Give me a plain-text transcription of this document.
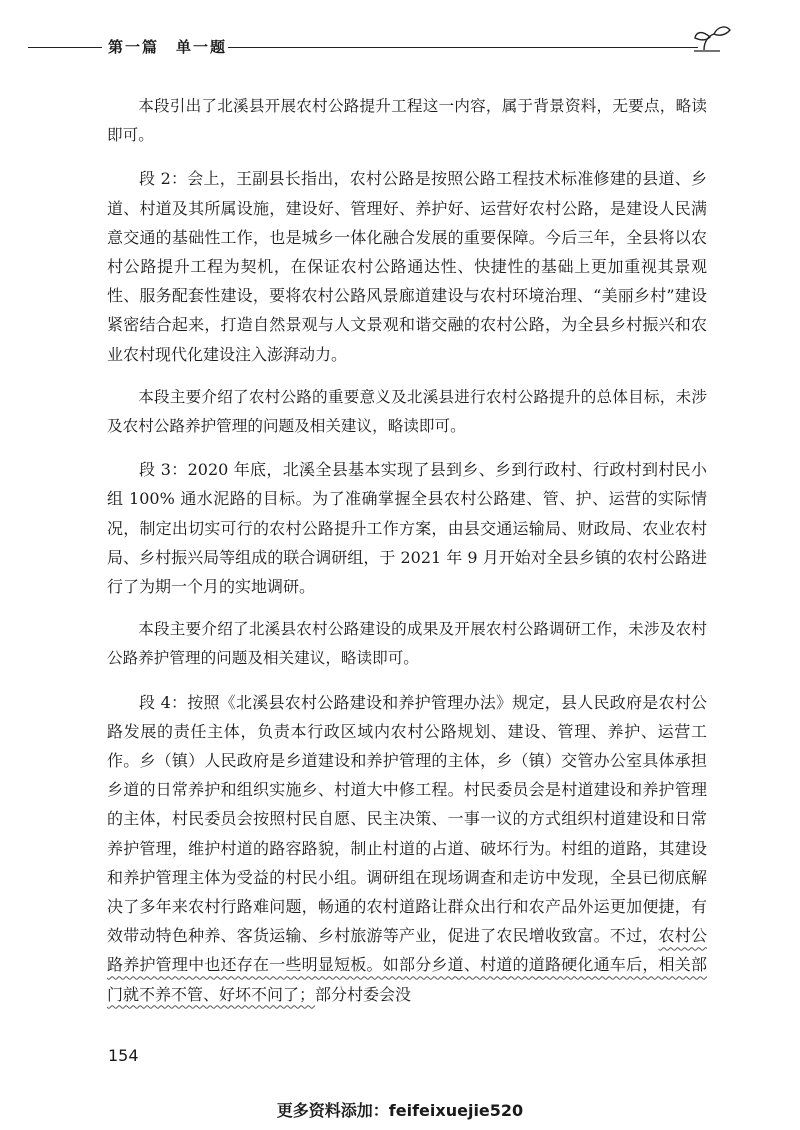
第一篇　单一题

本段引出了北溪县开展农村公路提升工程这一内容，属于背景资料，无要点，略读即可。

段 2：会上，王副县长指出，农村公路是按照公路工程技术标准修建的县道、乡道、村道及其所属设施，建设好、管理好、养护好、运营好农村公路，是建设人民满意交通的基础性工作，也是城乡一体化融合发展的重要保障。今后三年，全县将以农村公路提升工程为契机，在保证农村公路通达性、快捷性的基础上更加重视其景观性、服务配套性建设，要将农村公路风景廊道建设与农村环境治理、“美丽乡村”建设紧密结合起来，打造自然景观与人文景观和谐交融的农村公路，为全县乡村振兴和农业农村现代化建设注入澎湃动力。

本段主要介绍了农村公路的重要意义及北溪县进行农村公路提升的总体目标，未涉及农村公路养护管理的问题及相关建议，略读即可。

段 3：2020 年底，北溪全县基本实现了县到乡、乡到行政村、行政村到村民小组 100% 通水泥路的目标。为了准确掌握全县农村公路建、管、护、运营的实际情况，制定出切实可行的农村公路提升工作方案，由县交通运输局、财政局、农业农村局、乡村振兴局等组成的联合调研组，于 2021 年 9 月开始对全县乡镇的农村公路进行了为期一个月的实地调研。

本段主要介绍了北溪县农村公路建设的成果及开展农村公路调研工作，未涉及农村公路养护管理的问题及相关建议，略读即可。

段 4：按照《北溪县农村公路建设和养护管理办法》规定，县人民政府是农村公路发展的责任主体，负责本行政区域内农村公路规划、建设、管理、养护、运营工作。乡（镇）人民政府是乡道建设和养护管理的主体，乡（镇）交管办公室具体承担乡道的日常养护和组织实施乡、村道大中修工程。村民委员会是村道建设和养护管理的主体，村民委员会按照村民自愿、民主决策、一事一议的方式组织村道建设和日常养护管理，维护村道的路容路貌，制止村道的占道、破坏行为。村组的道路，其建设和养护管理主体为受益的村民小组。调研组在现场调查和走访中发现，全县已彻底解决了多年来农村行路难问题，畅通的农村道路让群众出行和农产品外运更加便捷，有效带动特色种养、客货运输、乡村旅游等产业，促进了农民增收致富。不过，农村公路养护管理中也还存在一些明显短板。如部分乡道、村道的道路硬化通车后，相关部门就不养不管、好坏不问了；部分村委会没

154
更多资料添加：feifeixuejie520
